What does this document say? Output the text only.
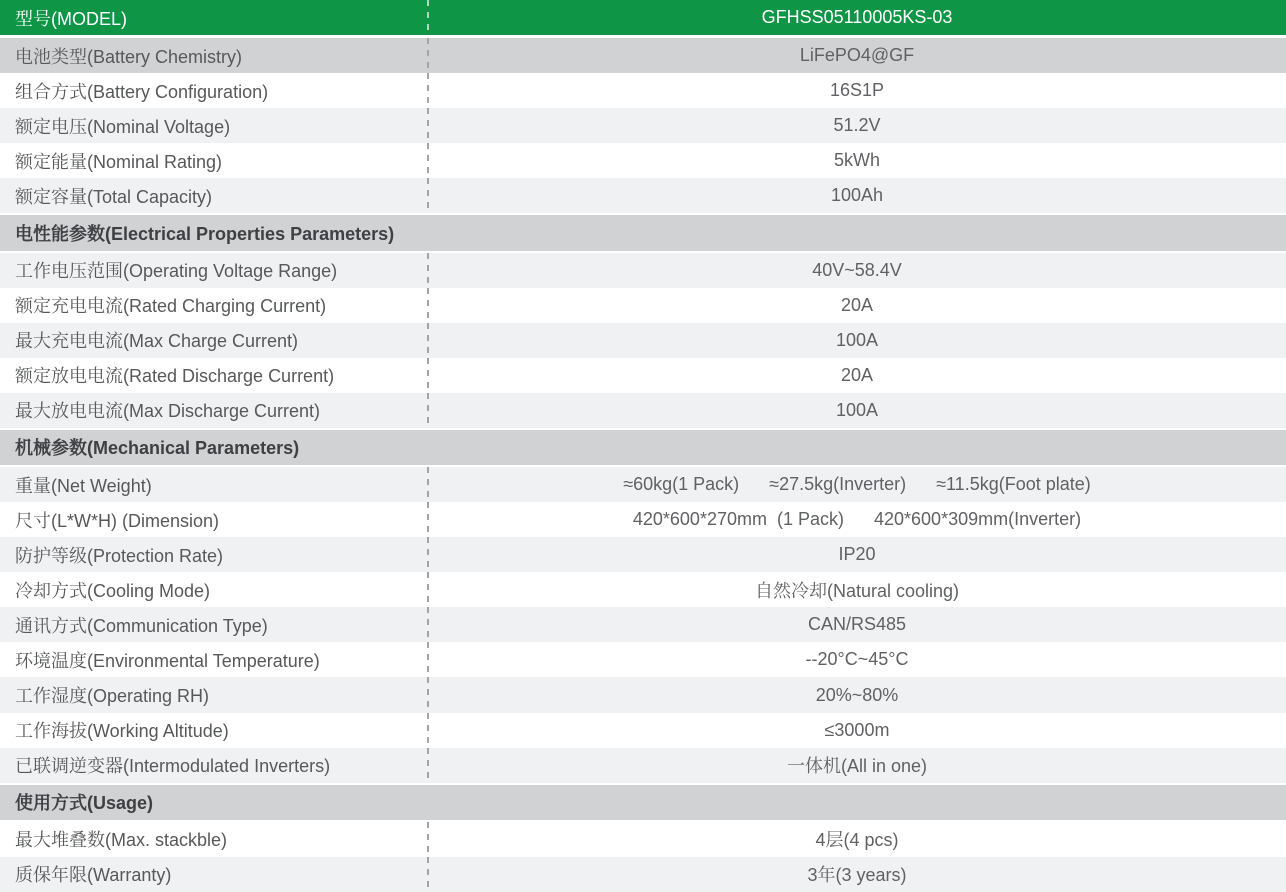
型号(MODEL)	GFHSS05110005KS-03
电池类型(Battery Chemistry)	LiFePO4@GF
组合方式(Battery Configuration)	16S1P
额定电压(Nominal Voltage)	51.2V
额定能量(Nominal Rating)	5kWh
额定容量(Total Capacity)	100Ah
电性能参数(Electrical Properties Parameters)
工作电压范围(Operating Voltage Range)	40V~58.4V
额定充电电流(Rated Charging Current)	20A
最大充电电流(Max Charge Current)	100A
额定放电电流(Rated Discharge Current)	20A
最大放电电流(Max Discharge Current)	100A
机械参数(Mechanical Parameters)
重量(Net Weight)	≈60kg(1 Pack)      ≈27.5kg(Inverter)      ≈11.5kg(Foot plate)
尺寸(L*W*H) (Dimension)	420*600*270mm  (1 Pack)      420*600*309mm(Inverter)
防护等级(Protection Rate)	IP20
冷却方式(Cooling Mode)	自然冷却(Natural cooling)
通讯方式(Communication Type)	CAN/RS485
环境温度(Environmental Temperature)	--20°C~45°C
工作湿度(Operating RH)	20%~80%
工作海拔(Working Altitude)	≤3000m
已联调逆变器(Intermodulated Inverters)	一体机(All in one)
使用方式(Usage)
最大堆叠数(Max. stackble)	4层(4 pcs)
质保年限(Warranty)	3年(3 years)
